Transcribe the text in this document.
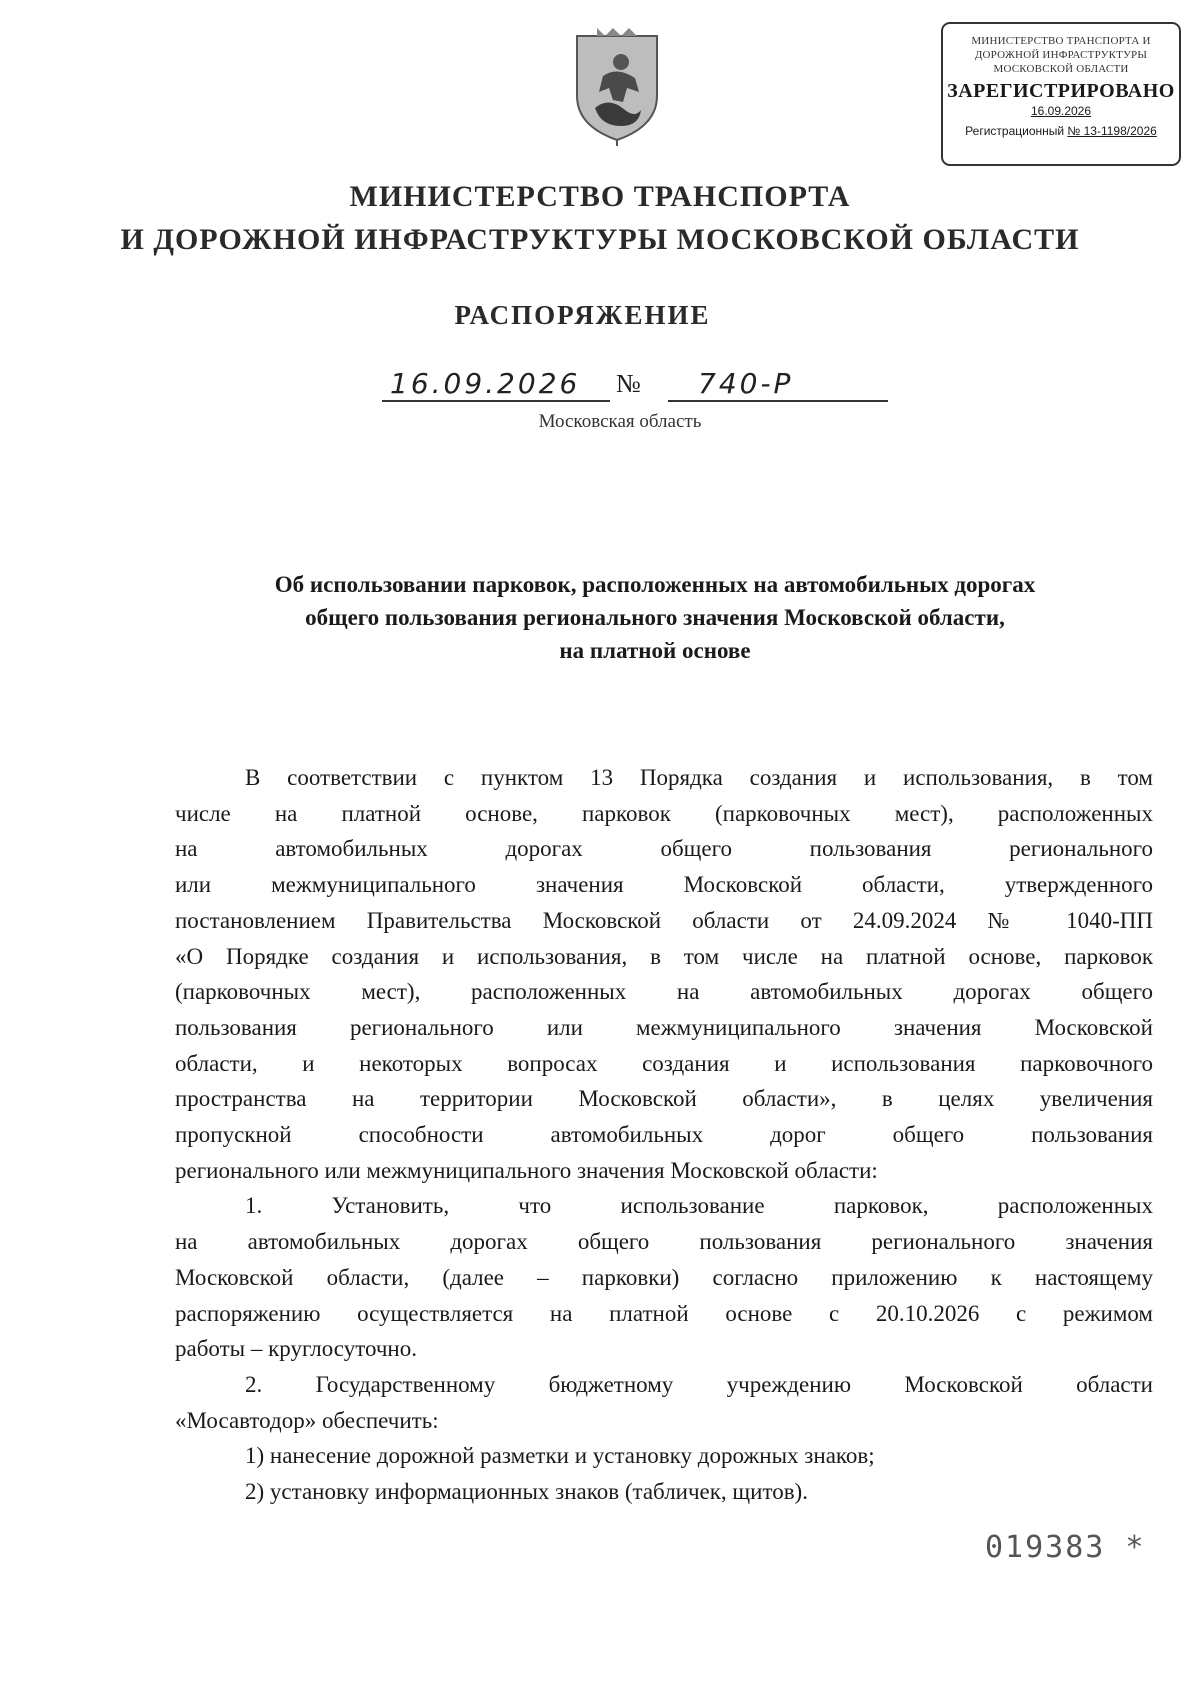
МИНИСТЕРСТВО ТРАНСПОРТА И
ДОРОЖНОЙ ИНФРАСТРУКТУРЫ
МОСКОВСКОЙ ОБЛАСТИ
ЗАРЕГИСТРИРОВАНО
16.09.2026
Регистрационный № 13-1198/2026
МИНИСТЕРСТВО ТРАНСПОРТА
И ДОРОЖНОЙ ИНФРАСТРУКТУРЫ МОСКОВСКОЙ ОБЛАСТИ
РАСПОРЯЖЕНИЕ
16.09.2026	№	740-Р
Московская область
Об использовании парковок, расположенных на автомобильных дорогах
общего пользования регионального значения Московской области,
на платной основе

В соответствии с пунктом 13 Порядка создания и использования, в том

числе на платной основе, парковок (парковочных мест), расположенных

на автомобильных дорогах общего пользования регионального

или межмуниципального значения Московской области, утвержденного

постановлением Правительства Московской области от 24.09.2024 № 1040-ПП

«О Порядке создания и использования, в том числе на платной основе, парковок

(парковочных мест), расположенных на автомобильных дорогах общего

пользования регионального или межмуниципального значения Московской

области, и некоторых вопросах создания и использования парковочного

пространства на территории Московской области», в целях увеличения

пропускной способности автомобильных дорог общего пользования

регионального или межмуниципального значения Московской области:

1. Установить, что использование парковок, расположенных

на автомобильных дорогах общего пользования регионального значения

Московской области, (далее – парковки) согласно приложению к настоящему

распоряжению осуществляется на платной основе с 20.10.2026 с режимом

работы – круглосуточно.

2. Государственному бюджетному учреждению Московской области

«Мосавтодор» обеспечить:

1) нанесение дорожной разметки и установку дорожных знаков;

2) установку информационных знаков (табличек, щитов).

019383 *
